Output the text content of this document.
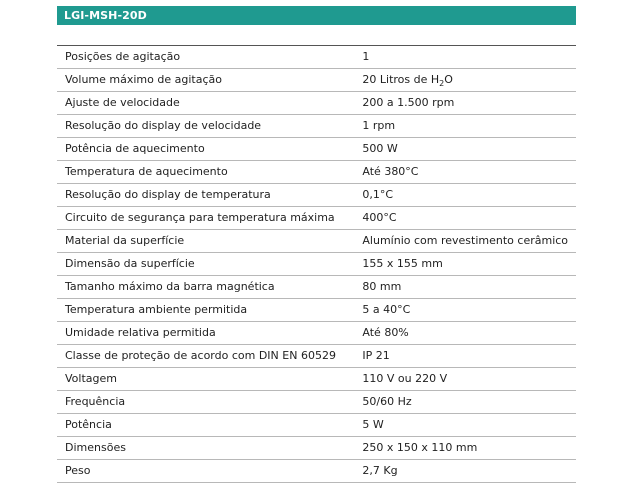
LGI-MSH-20D
Posições de agitação	1
Volume máximo de agitação	20 Litros de $H_2O$
Ajuste de velocidade	200 a 1.500 rpm
Resolução do display de velocidade	1 rpm
Potência de aquecimento	500 W
Temperatura de aquecimento	Até 380°C
Resolução do display de temperatura	0,1°C
Circuito de segurança para temperatura máxima	400°C
Material da superfície	Alumínio com revestimento cerâmico
Dimensão da superfície	155 x 155 mm
Tamanho máximo da barra magnética	80 mm
Temperatura ambiente permitida	5 a 40°C
Umidade relativa permitida	Até 80%
Classe de proteção de acordo com DIN EN 60529	IP 21
Voltagem	110 V ou 220 V
Frequência	50/60 Hz
Potência	5 W
Dimensões	250 x 150 x 110 mm
Peso	2,7 Kg
